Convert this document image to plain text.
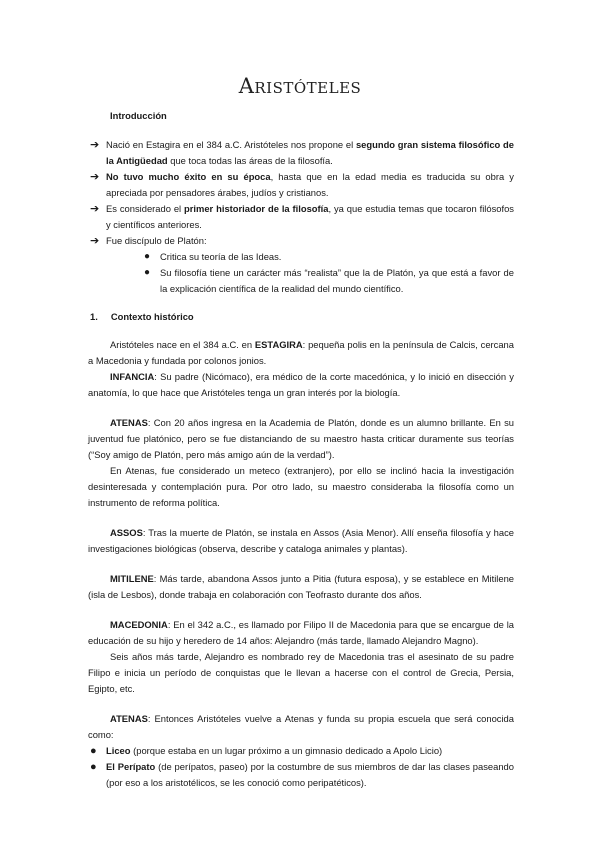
Aristóteles
Introducción
➔ Nació en Estagira en el 384 a.C. Aristóteles nos propone el segundo gran sistema filosófico de la Antigüedad que toca todas las áreas de la filosofía.
➔ No tuvo mucho éxito en su época, hasta que en la edad media es traducida su obra y apreciada por pensadores árabes, judíos y cristianos.
➔ Es considerado el primer historiador de la filosofía, ya que estudia temas que tocaron filósofos y científicos anteriores.
➔ Fue discípulo de Platón:
● Critica su teoría de las Ideas.
● Su filosofía tiene un carácter más “realista” que la de Platón, ya que está a favor de la explicación científica de la realidad del mundo científico.
1. Contexto histórico

Aristóteles nace en el 384 a.C. en ESTAGIRA: pequeña polis en la península de Calcis, cercana a Macedonia y fundada por colonos jonios.

INFANCIA: Su padre (Nicómaco), era médico de la corte macedónica, y lo inició en disección y anatomía, lo que hace que Aristóteles tenga un gran interés por la biología.

ATENAS: Con 20 años ingresa en la Academia de Platón, donde es un alumno brillante. En su juventud fue platónico, pero se fue distanciando de su maestro hasta criticar duramente sus teorías (“Soy amigo de Platón, pero más amigo aún de la verdad”).

En Atenas, fue considerado un meteco (extranjero), por ello se inclinó hacia la investigación desinteresada y contemplación pura. Por otro lado, su maestro consideraba la filosofía como un instrumento de reforma política.

ASSOS: Tras la muerte de Platón, se instala en Assos (Asia Menor). Allí enseña filosofía y hace investigaciones biológicas (observa, describe y cataloga animales y plantas).

MITILENE: Más tarde, abandona Assos junto a Pitia (futura esposa), y se establece en Mitilene (isla de Lesbos), donde trabaja en colaboración con Teofrasto durante dos años.

MACEDONIA: En el 342 a.C., es llamado por Filipo II de Macedonia para que se encargue de la educación de su hijo y heredero de 14 años: Alejandro (más tarde, llamado Alejandro Magno).

Seis años más tarde, Alejandro es nombrado rey de Macedonia tras el asesinato de su padre Filipo e inicia un período de conquistas que le llevan a hacerse con el control de Grecia, Persia, Egipto, etc.

ATENAS: Entonces Aristóteles vuelve a Atenas y funda su propia escuela que será conocida como:

● Liceo (porque estaba en un lugar próximo a un gimnasio dedicado a Apolo Licio)
● El Perípato (de perípatos, paseo) por la costumbre de sus miembros de dar las clases paseando (por eso a los aristotélicos, se les conoció como peripatéticos).
